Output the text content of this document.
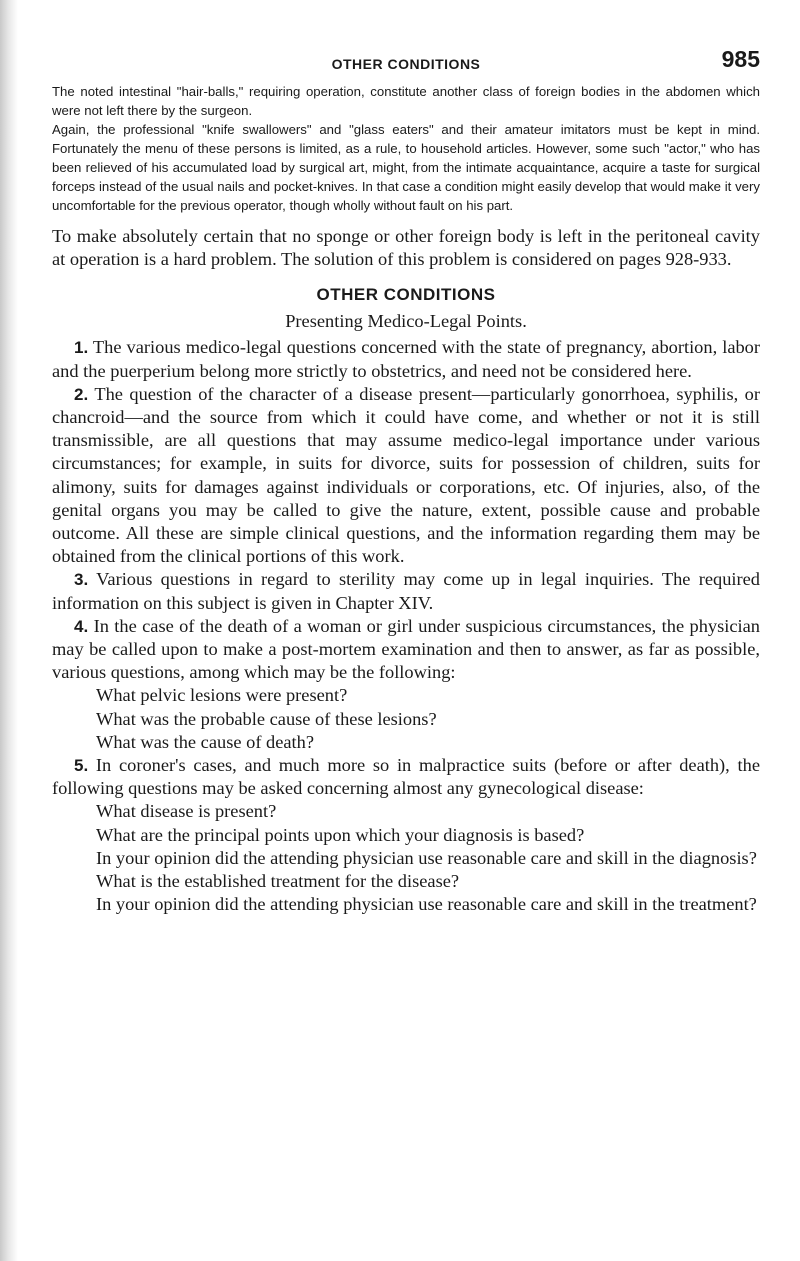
OTHER CONDITIONS	985

The noted intestinal "hair-balls," requiring operation, constitute another class of foreign bodies in the abdomen which were not left there by the surgeon.

Again, the professional "knife swallowers" and "glass eaters" and their amateur imitators must be kept in mind. Fortunately the menu of these persons is limited, as a rule, to household articles. However, some such "actor," who has been relieved of his accumulated load by surgical art, might, from the intimate acquaintance, acquire a taste for surgical forceps instead of the usual nails and pocket-knives. In that case a condition might easily develop that would make it very uncomfortable for the previous operator, though wholly without fault on his part.

To make absolutely certain that no sponge or other foreign body is left in the peritoneal cavity at operation is a hard problem. The solution of this problem is considered on pages 928-933.

OTHER CONDITIONS
Presenting Medico-Legal Points.

1. The various medico-legal questions concerned with the state of pregnancy, abortion, labor and the puerperium belong more strictly to obstetrics, and need not be considered here.

2. The question of the character of a disease present—particularly gonorrhoea, syphilis, or chancroid—and the source from which it could have come, and whether or not it is still transmissible, are all questions that may assume medico-legal importance under various circumstances; for example, in suits for divorce, suits for possession of children, suits for alimony, suits for damages against individuals or corporations, etc. Of injuries, also, of the genital organs you may be called to give the nature, extent, possible cause and probable outcome. All these are simple clinical questions, and the information regarding them may be obtained from the clinical portions of this work.

3. Various questions in regard to sterility may come up in legal inquiries. The required information on this subject is given in Chapter XIV.

4. In the case of the death of a woman or girl under suspicious circumstances, the physician may be called upon to make a post-mortem examination and then to answer, as far as possible, various questions, among which may be the following:

What pelvic lesions were present?

What was the probable cause of these lesions?

What was the cause of death?

5. In coroner's cases, and much more so in malpractice suits (before or after death), the following questions may be asked concerning almost any gynecological disease:

What disease is present?

What are the principal points upon which your diagnosis is based?

In your opinion did the attending physician use reasonable care and skill in the diagnosis?

What is the established treatment for the disease?

In your opinion did the attending physician use reasonable care and skill in the treatment?
